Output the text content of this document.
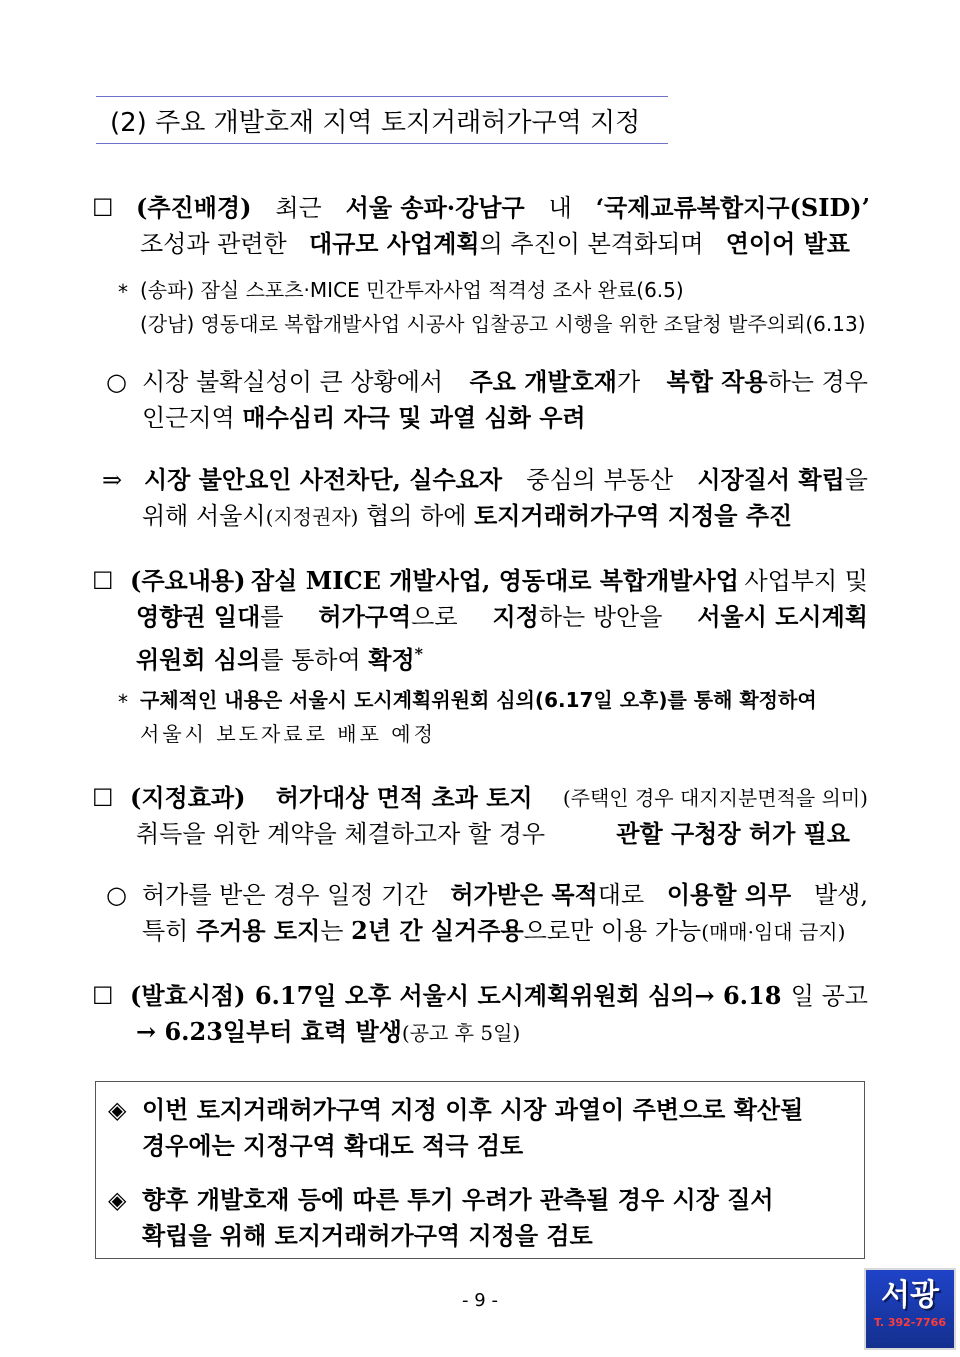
(2) 주요 개발호재 지역 토지거래허가구역 지정
☐ (추진배경) 최근 서울 송파·강남구 내 ‘국제교류복합지구(SID)’
조성과 관련한 대규모 사업계획의 추진이 본격화되며 연이어 발표
* (송파) 잠실 스포츠·MICE 민간투자사업 적격성 조사 완료(6.5)
(강남) 영동대로 복합개발사업 시공사 입찰공고 시행을 위한 조달청 발주의뢰(6.13)
○ 시장 불확실성이 큰 상황에서 주요 개발호재가 복합 작용하는 경우
인근지역 매수심리 자극 및 과열 심화 우려
⇒ 시장 불안요인 사전차단, 실수요자 중심의 부동산 시장질서 확립을
위해 서울시(지정권자) 협의 하에 토지거래허가구역 지정을 추진
☐ (주요내용) 잠실 MICE 개발사업, 영동대로 복합개발사업 사업부지 및
영향권 일대를 허가구역으로 지정하는 방안을 서울시 도시계획
위원회 심의를 통하여 확정*
* 구체적인 내용은 서울시 도시계획위원회 심의(6.17일 오후)를 통해 확정하여
서울시 보도자료로 배포 예정
☐ (지정효과) 허가대상 면적 초과 토지 (주택인 경우 대지지분면적을 의미)
취득을 위한 계약을 체결하고자 할 경우	관할 구청장 허가 필요
○ 허가를 받은 경우 일정 기간 허가받은 목적대로 이용할 의무 발생,
특히 주거용 토지는 2년 간 실거주용으로만 이용 가능(매매·임대 금지)
☐ (발효시점) 6.17일 오후 서울시 도시계획위원회 심의→ 6.18 일 공고
→ 6.23일부터 효력 발생(공고 후 5일)
◈ 이번 토지거래허가구역 지정 이후 시장 과열이 주변으로 확산될
경우에는 지정구역 확대도 적극 검토
◈ 향후 개발호재 등에 따른 투기 우려가 관측될 경우 시장 질서
확립을 위해 토지거래허가구역 지정을 검토
- 9 -	서광
T. 392-7766
